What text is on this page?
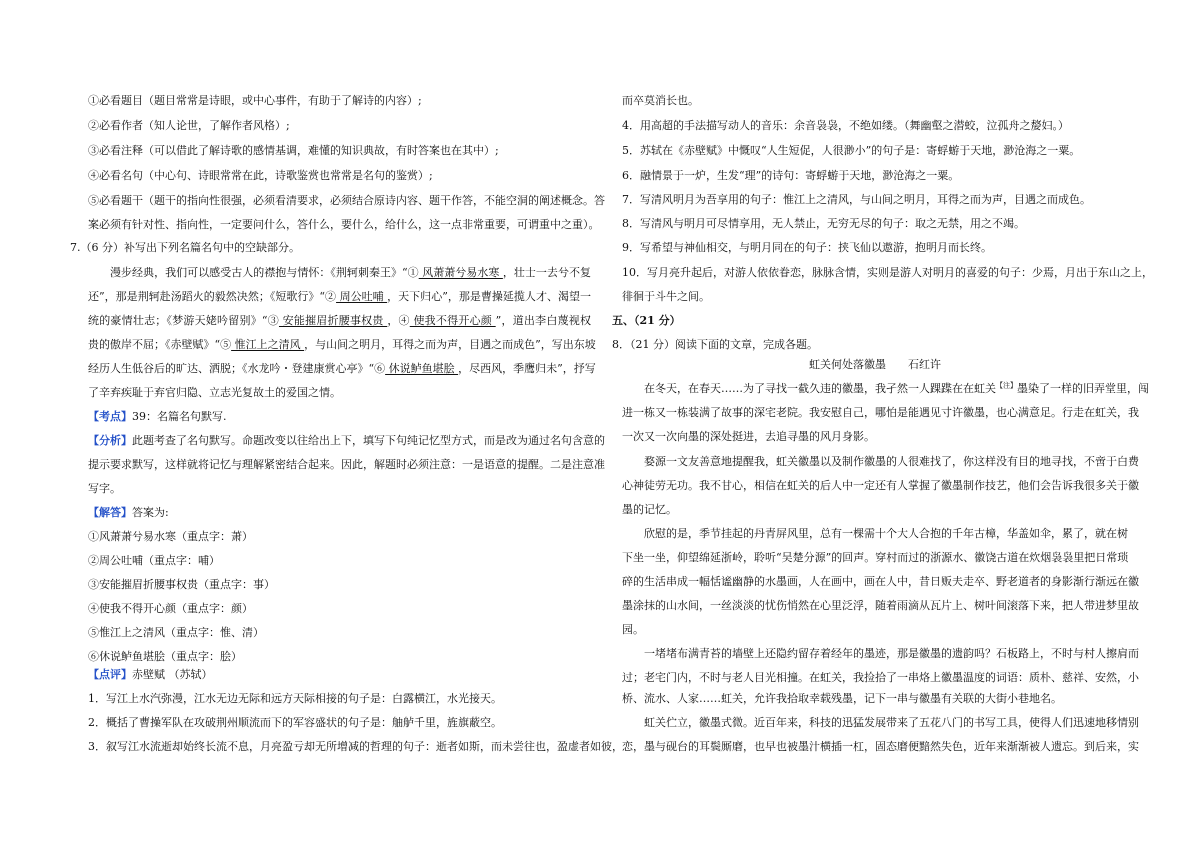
①必看题目（题目常常是诗眼，或中心事件，有助于了解诗的内容）;
②必看作者（知人论世，了解作者风格）;
③必看注释（可以借此了解诗歌的感情基调，难懂的知识典故，有时答案也在其中）;
④必看名句（中心句、诗眼常常在此，诗歌鉴赏也常常是名句的鉴赏）;
⑤必看题干（题干的指向性很强，必须看清要求，必须结合原诗内容、题干作答，不能空洞的阐述概念。答
案必须有针对性、指向性，一定要问什么，答什么，要什么，给什么，这一点非常重要，可谓重中之重）。
7.（6 分）补写出下列名篇名句中的空缺部分。
漫步经典，我们可以感受古人的襟抱与情怀：《荆轲刺秦王》“① 风萧萧兮易水寒 ，壮士一去兮不复
还”，那是荆轲赴汤蹈火的毅然决然；《短歌行》“② 周公吐哺 ，天下归心”，那是曹操延揽人才、渴望一
统的豪情壮志；《梦游天姥吟留别》“③ 安能摧眉折腰事权贵 ，④ 使我不得开心颜 ”，道出李白蔑视权
贵的傲岸不屈；《赤壁赋》“⑤ 惟江上之清风 ，与山间之明月，耳得之而为声，目遇之而成色”，写出东坡
经历人生低谷后的旷达、洒脱；《水龙吟・登建康赏心亭》“⑥ 休说鲈鱼堪脍 ，尽西风，季鹰归未”，抒写
了辛弃疾耻于弃官归隐、立志光复故土的爱国之情。
【考点】39：名篇名句默写.
【分析】此题考查了名句默写。命题改变以往给出上下，填写下句纯记忆型方式，而是改为通过名句含意的
提示要求默写，这样就将记忆与理解紧密结合起来。因此，解题时必须注意：一是语意的提醒。二是注意准
写字。
【解答】答案为:
①风萧萧兮易水寒（重点字：萧）
②周公吐哺（重点字：哺）
③安能摧眉折腰事权贵（重点字：事）
④使我不得开心颜（重点字：颜）
⑤惟江上之清风（重点字：惟、清）
⑥休说鲈鱼堪脍（重点字：脍）
【点评】赤壁赋 （苏轼）
1．写江上水汽弥漫，江水无边无际和远方天际相接的句子是：白露横江，水光接天。
2．概括了曹操军队在攻破荆州顺流而下的军容盛状的句子是：舳舻千里，旌旗蔽空。
3．叙写江水流逝却始终长流不息，月亮盈亏却无所增减的哲理的句子：逝者如斯，而未尝往也，盈虚者如彼，
而卒莫消长也。
4．用高超的手法描写动人的音乐：余音袅袅，不绝如缕。（舞幽壑之潜蛟，泣孤舟之嫠妇。）
5．苏轼在《赤壁赋》中慨叹“人生短促，人很渺小”的句子是：寄蜉蝣于天地，渺沧海之一粟。
6．融情景于一炉，生发“理”的诗句：寄蜉蝣于天地，渺沧海之一粟。
7．写清风明月为吾享用的句子：惟江上之清风，与山间之明月，耳得之而为声，目遇之而成色。
8．写清风与明月可尽情享用，无人禁止，无穷无尽的句子：取之无禁，用之不竭。
9．写希望与神仙相交，与明月同在的句子：挟飞仙以遨游，抱明月而长终。
10．写月亮升起后，对游人依依眷恋，脉脉含情，实则是游人对明月的喜爱的句子：少焉，月出于东山之上，
徘徊于斗牛之间。
五、（21 分）
8．（21 分）阅读下面的文章，完成各题。
虹关何处落徽墨 石红许
在冬天，在春天……为了寻找一截久违的徽墨，我孑然一人踝蹀在在虹关$^{【注】}$墨染了一样的旧弄堂里，闯
进一栋又一栋装满了故事的深宅老院。我安慰自己，哪怕是能遇见寸许徽墨，也心满意足。行走在虹关，我
一次又一次向墨的深处挺进，去追寻墨的风月身影。
婺源一文友善意地提醒我，虹关徽墨以及制作徽墨的人很难找了，你这样没有目的地寻找，不啻于白费
心神徒劳无功。我不甘心，相信在虹关的后人中一定还有人掌握了徽墨制作技艺，他们会告诉我很多关于徽
墨的记忆。
欣慰的是，季节挂起的丹青屏风里，总有一棵需十个大人合抱的千年古樟，华盖如伞，累了，就在树
下坐一坐，仰望绵延浙岭，聆听“吴楚分源”的回声。穿村而过的浙源水、徽饶古道在炊烟袅袅里把日常琐
碎的生活串成一幅恬谧幽静的水墨画，人在画中，画在人中，昔日贩夫走卒、野老道者的身影渐行渐远在徽
墨涂抹的山水间，一丝淡淡的忧伤悄然在心里泛浮，随着雨滴从瓦片上、树叶间滚落下来，把人带进梦里故
园。
一堵堵布满青苔的墙壁上还隐约留存着经年的墨迹，那是徽墨的遗韵吗？石板路上，不时与村人擦肩而
过；老宅门内，不时与老人目光相撞。在虹关，我捡拾了一串烙上徽墨温度的词语：质朴、慈祥、安然，小
桥、流水、人家……虹关，允许我拾取幸载残墨，记下一串与徽墨有关联的大街小巷地名。
虹关伫立，徽墨式微。近百年来，科技的迅猛发展带来了五花八门的书写工具，使得人们迅速地移情别
恋，墨与砚台的耳鬓厮磨，也早也被墨汁横插一杠，固态磨便黯然失色，近年来渐渐被人遗忘。到后来，实
